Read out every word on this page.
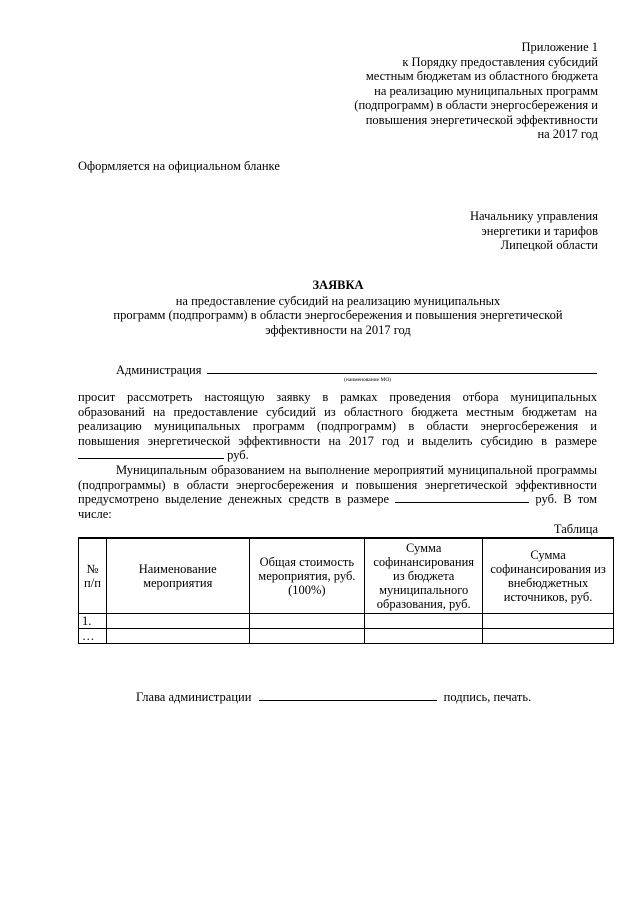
Приложение 1
к Порядку предоставления субсидий
местным бюджетам из областного бюджета
на реализацию муниципальных программ
(подпрограмм) в области энергосбережения и
повышения энергетической эффективности
на 2017 год
Оформляется на официальном бланке
Начальнику управления
энергетики и тарифов
Липецкой области
ЗАЯВКА
на предоставление субсидий на реализацию муниципальных
программ (подпрограмм) в области энергосбережения и повышения энергетической
эффективности на 2017 год
Администрация
(наименование МО)

просит рассмотреть настоящую заявку в рамках проведения отбора муниципальных образований на предоставление субсидий из областного бюджета местным бюджетам на реализацию муниципальных программ (подпрограмм) в области энергосбережения и повышения энергетической эффективности на 2017 год и выделить субсидию в размере  руб.

Муниципальным образованием на выполнение мероприятий муниципальной программы (подпрограммы) в области энергосбережения и повышения энергетической эффективности предусмотрено выделение денежных средств в размере	руб. В том числе:

Таблица
№ п/п	Наименование мероприятия	Общая стоимость мероприятия, руб. (100%)	Сумма софинансирования из бюджета муниципального образования, руб.	Сумма софинансирования из внебюджетных источников, руб.
1.				
…				
Глава администрации	подпись, печать.
